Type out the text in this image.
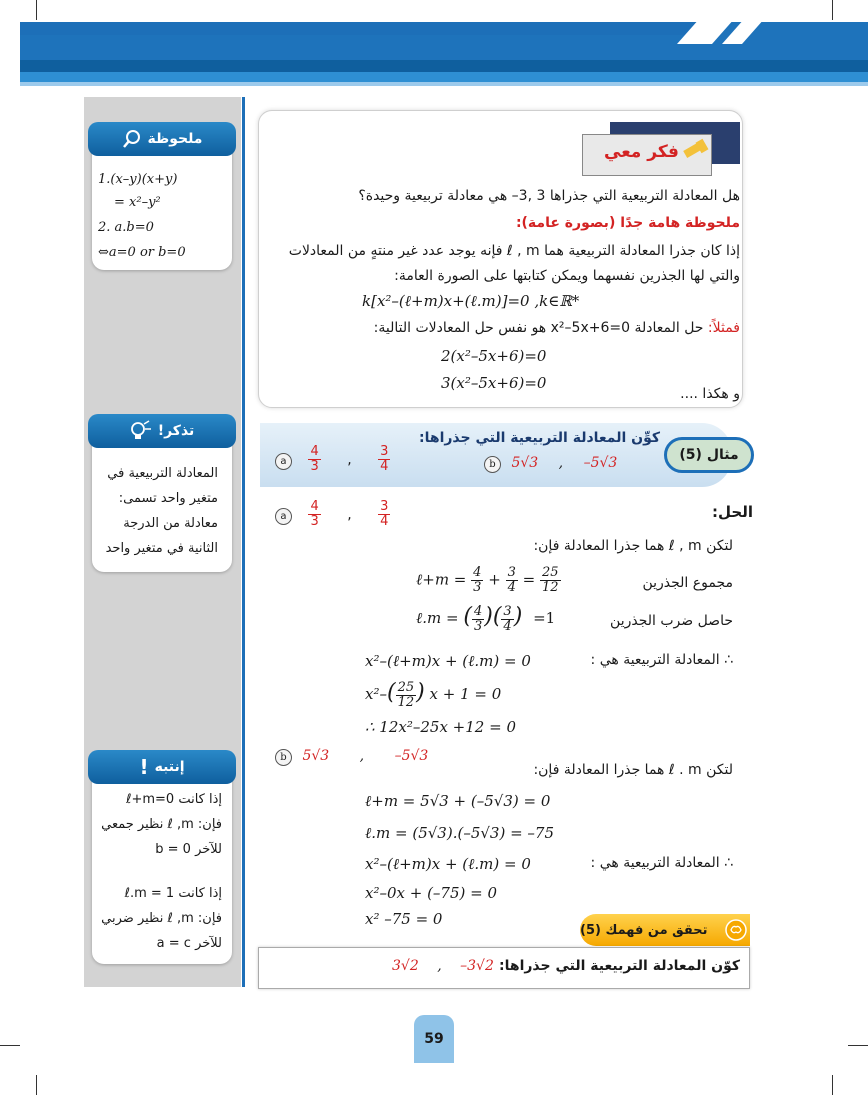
ملحوظة
1.(x–y)(x+y)
= x²–y²
2. a.b=0
⇔a=0 or b=0
تذكر!
المعادلة التربيعية في
متغير واحد تسمى:
معادلة من الدرجة
الثانية في متغير واحد
إنتبه
!
إذا كانت ℓ+m=0
فإن: ℓ ,m نظير جمعي
للآخر b = 0
إذا كانت ℓ.m = 1
فإن: ℓ ,m نظير ضربي
للآخر a = c
فكر معي
هل المعادلة التربيعية التي جذراها 3 ,3– هي معادلة تربيعية وحيدة؟
ملحوظة هامة جدًا (بصورة عامة):
إذا كان جذرا المعادلة التربيعية هما ℓ , m فإنه يوجد عدد غير منتهٍ من المعادلات
والتي لها الجذرين نفسهما ويمكن كتابتها على الصورة العامة:
k[x²–(ℓ+m)x+(ℓ.m)]=0 ,k∈ℝ*
فمثلاً: حل المعادلة x²–5x+6=0 هو نفس حل المعادلات التالية:
2(x²–5x+6)=0
3(x²–5x+6)=0
و هكذا ....
مثال (5)
كوِّن المعادلة التربيعية التي جذراها:
a $\frac{4}{3}$ , $\frac{3}{4}$	b 5√3 , –5√3
الحل:
a $\frac{4}{3}$ , $\frac{3}{4}$
لتكن ℓ , m هما جذرا المعادلة فإن:
مجموع الجذرين
ℓ+m = $\frac{4}{3} + \frac{3}{4} = \frac{25}{12}$
حاصل ضرب الجذرين
ℓ.m = ( $\frac{4}{3}$ )( $\frac{3}{4}$ ) =1
∴ المعادلة التربيعية هي :
x²–(ℓ+m)x + (ℓ.m) = 0
$x^2-( \frac{25}{12}$ ) x + 1 = 0
∴ 12x²–25x +12 = 0
b 5√3 , –5√3
لتكن ℓ . m هما جذرا المعادلة فإن:
ℓ+m = 5√3 + (–5√3) = 0
ℓ.m = (5√3).(–5√3) = –75
∴ المعادلة التربيعية هي :
x²–(ℓ+m)x + (ℓ.m) = 0
x²–0x + (–75) = 0
x² –75 = 0
تحقق من فهمك (5)
كوّن المعادلة التربيعية التي جذراها:
3√2 , –3√2
59
